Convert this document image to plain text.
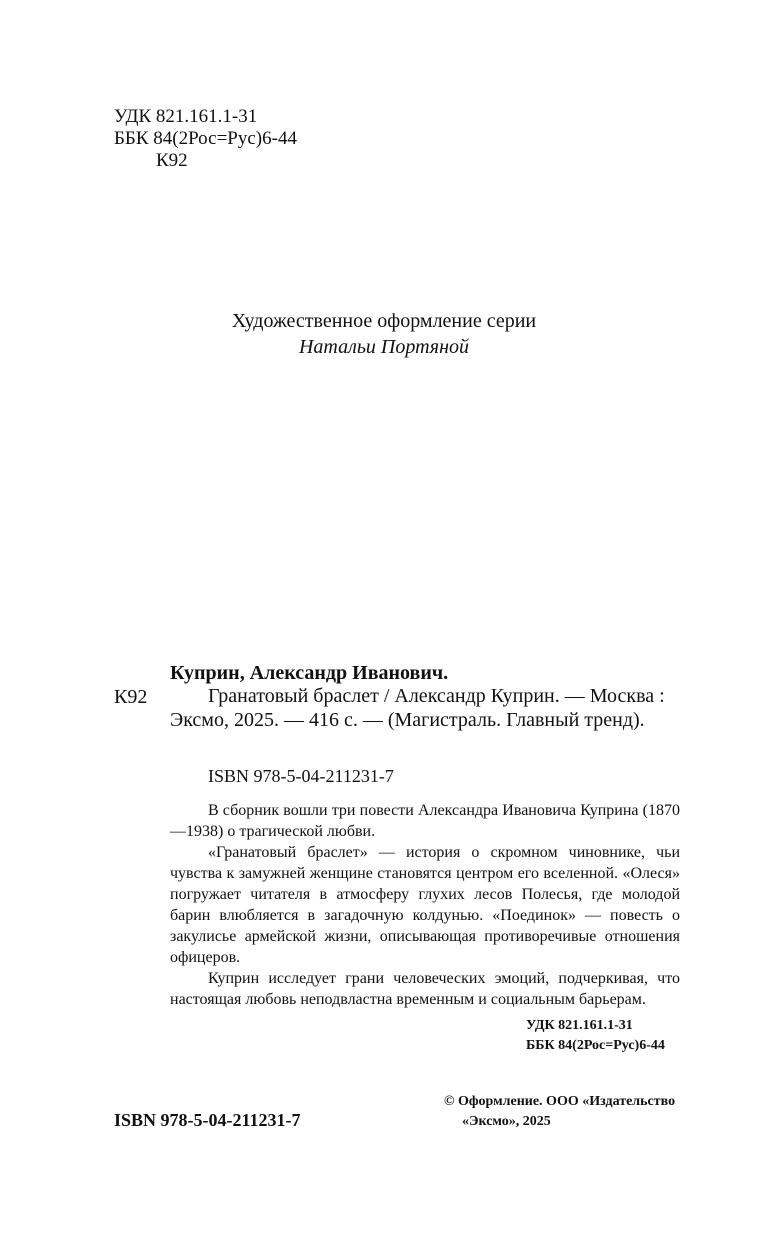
УДК 821.161.1-31
ББК 84(2Рос=Рус)6-44
К92
Художественное оформление серии
Натальи Портяной
Куприн, Александр Иванович.
К92	Гранатовый браслет / Александр Куприн. — Москва : Эксмо, 2025. — 416 с. — (Магистраль. Главный тренд).
ISBN 978-5-04-211231-7

В сборник вошли три повести Александра Ивановича Куприна (1870—1938) о трагической любви.

«Гранатовый браслет» — история о скромном чиновнике, чьи чувства к замужней женщине становятся центром его вселенной. «Олеся» погружает читателя в атмосферу глухих лесов Полесья, где молодой барин влюбляется в загадочную колдунью. «Поединок» — повесть о закулисье армейской жизни, описывающая противоречивые отношения офицеров.

Куприн исследует грани человеческих эмоций, подчеркивая, что настоящая любовь неподвластна временным и социальным барьерам.

УДК 821.161.1-31
ББК 84(2Рос=Рус)6-44
ISBN 978-5-04-211231-7
© Оформление. ООО «Издательство
«Эксмо», 2025
